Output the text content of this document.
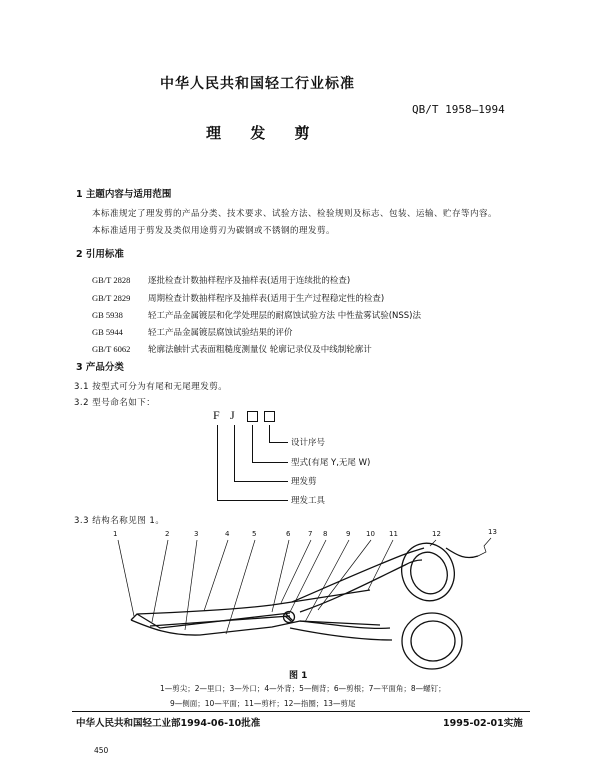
中华人民共和国轻工行业标准
QB/T 1958—1994
理 发 剪
1 主题内容与适用范围
本标准规定了理发剪的产品分类、技术要求、试验方法、检验规则及标志、包装、运输、贮存等内容。
本标准适用于剪发及类似用途剪刃为碳钢或不锈钢的理发剪。
2 引用标准
GB/T 2828 逐批检查计数抽样程序及抽样表(适用于连续批的检查)
GB/T 2829 周期检查计数抽样程序及抽样表(适用于生产过程稳定性的检查)
GB 5938	轻工产品金属镀层和化学处理层的耐腐蚀试验方法 中性盐雾试验(NSS)法
GB 5944	轻工产品金属镀层腐蚀试验结果的评价
GB/T 6062 轮廓法触针式表面粗糙度测量仪 轮廓记录仪及中线制轮廓计
3 产品分类
3.1 按型式可分为有尾和无尾理发剪。
3.2 型号命名如下：
F J
设计序号
型式(有尾 Y,无尾 W)
理发剪
理发工具
3.3 结构名称见图 1。
1	2	3	4	5	6	7 8	9 10 11	12	13
图 1
1—剪尖；2—里口；3—外口；4—外背；5—侧背；6—剪根；7—平面角；8—螺钉；
9—侧面；10—平面；11—剪杆；12—指圈；13—剪尾
中华人民共和国轻工业部1994-06-10批准	1995-02-01实施
450
